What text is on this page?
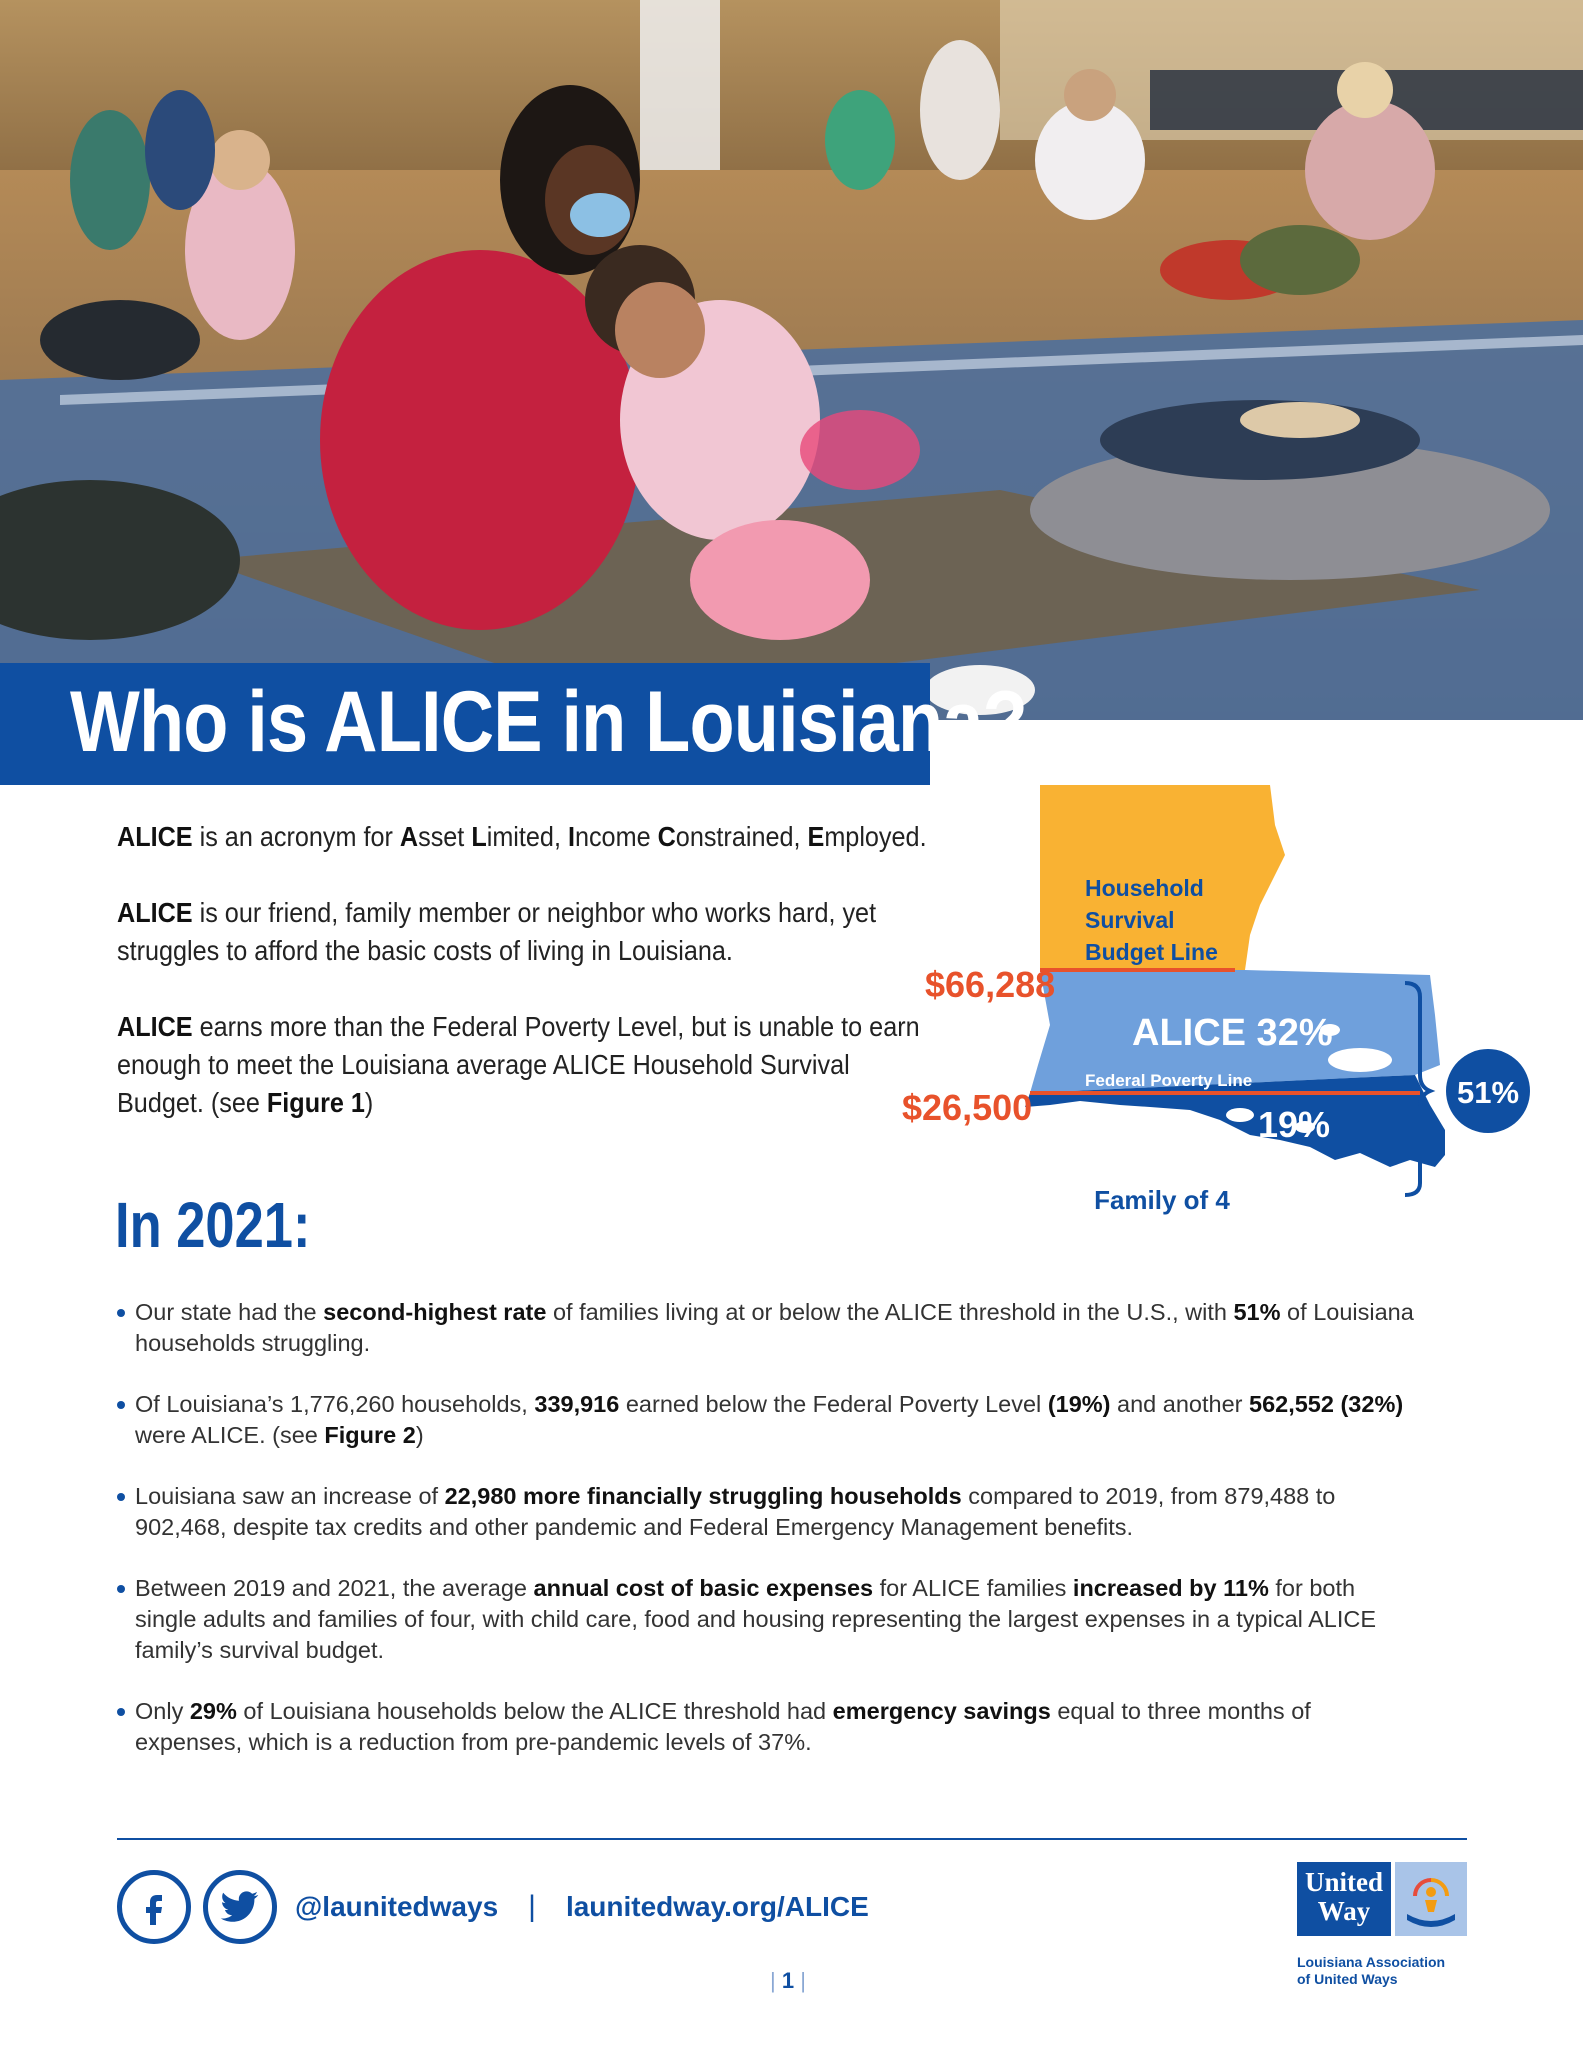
Who is ALICE in Louisiana?

ALICE is an acronym for Asset Limited, Income Constrained, Employed.

ALICE is our friend, family member or neighbor who works hard, yet struggles to afford the basic costs of living in Louisiana.

ALICE earns more than the Federal Poverty Level, but is unable to earn enough to meet the Louisiana average ALICE Household Survival Budget. (see Figure 1)

Household
Survival
Budget Line
$66,288
ALICE 32%
Federal Poverty Line
$26,500	19%
51%
Family of 4
In 2021:
Our state had the second-highest rate of families living at or below the ALICE threshold in the U.S., with 51% of Louisiana households struggling.
Of Louisiana’s 1,776,260 households, 339,916 earned below the Federal Poverty Level (19%) and another 562,552 (32%) were ALICE. (see Figure 2)
Louisiana saw an increase of 22,980 more financially struggling households compared to 2019, from 879,488 to 902,468, despite tax credits and other pandemic and Federal Emergency Management benefits.
Between 2019 and 2021, the average annual cost of basic expenses for ALICE families increased by 11% for both single adults and families of four, with child care, food and housing representing the largest expenses in a typical ALICE family’s survival budget.
Only 29% of Louisiana households below the ALICE threshold had emergency savings equal to three months of expenses, which is a reduction from pre-pandemic levels of 37%.
@launitedways | launitedway.org/ALICE
| 1 |
United
Way
Louisiana Association
of United Ways
